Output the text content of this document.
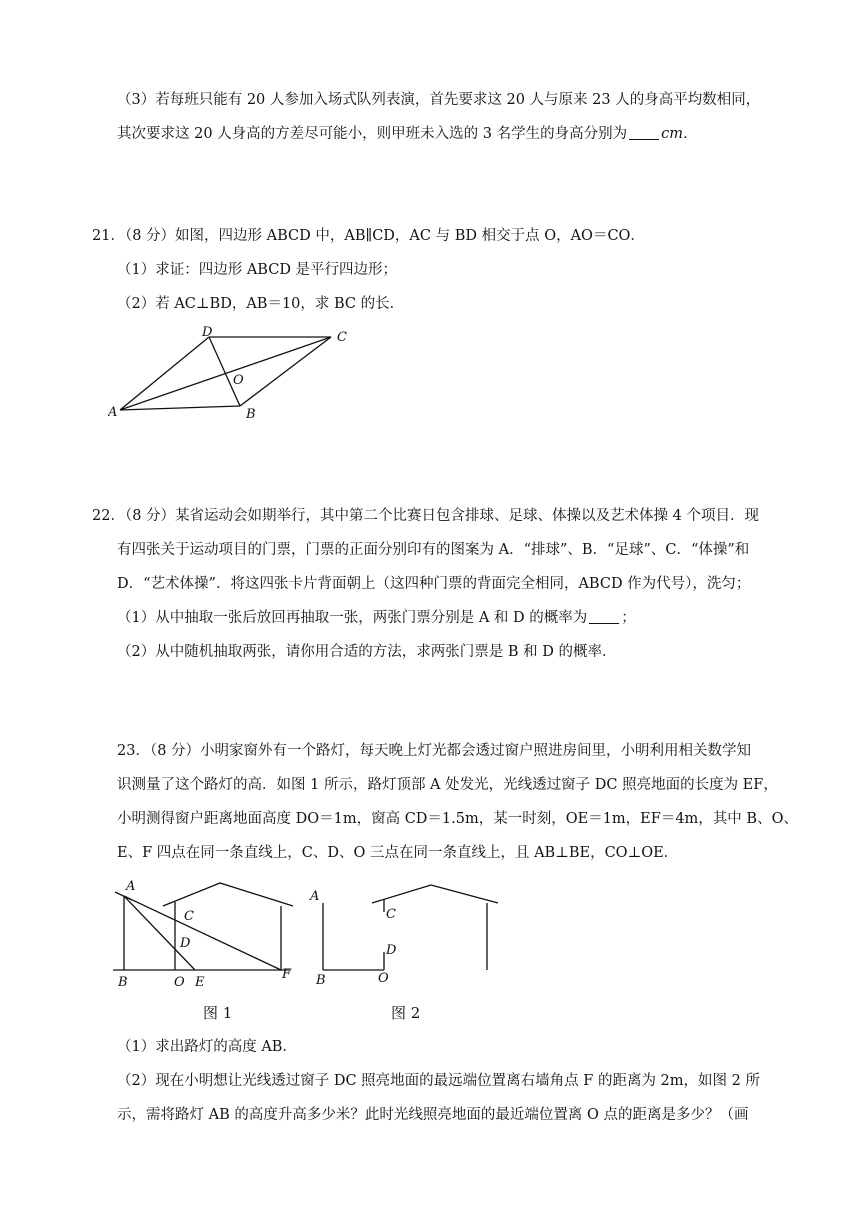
（3）若每班只能有 20 人参加入场式队列表演，首先要求这 20 人与原来 23 人的身高平均数相同，
其次要求这 20 人身高的方差尽可能小，则甲班未入选的 3 名学生的身高分别为 cm．
21．（8 分）如图，四边形 ABCD 中，AB∥CD，AC 与 BD 相交于点 O，AO＝CO．
（1）求证：四边形 ABCD 是平行四边形；
（2）若 AC⊥BD，AB＝10，求 BC 的长．
A	B
C
D
O
22．（8 分）某省运动会如期举行，其中第二个比赛日包含排球、足球、体操以及艺术体操 4 个项目．现
有四张关于运动项目的门票，门票的正面分别印有的图案为 A．“排球”、B．“足球”、C．“体操”和
D．“艺术体操”．将这四张卡片背面朝上（这四种门票的背面完全相同，ABCD 作为代号），洗匀；
（1）从中抽取一张后放回再抽取一张，两张门票分别是 A 和 D 的概率为 ；
（2）从中随机抽取两张，请你用合适的方法，求两张门票是 B 和 D 的概率．
23．（8 分）小明家窗外有一个路灯，每天晚上灯光都会透过窗户照进房间里，小明利用相关数学知
识测量了这个路灯的高．如图 1 所示，路灯顶部 A 处发光，光线透过窗子 DC 照亮地面的长度为 EF，
小明测得窗户距离地面高度 DO＝1m，窗高 CD＝1.5m，某一时刻，OE＝1m，EF＝4m，其中 B、O、
E、F 四点在同一条直线上，C、D、O 三点在同一条直线上，且 AB⊥BE，CO⊥OE．
A
B
C
D
O E
F
图 1
A
B
C
D
O
图 2
（1）求出路灯的高度 AB．
（2）现在小明想让光线透过窗子 DC 照亮地面的最远端位置离右墙角点 F 的距离为 2m，如图 2 所
示，需将路灯 AB 的高度升高多少米？此时光线照亮地面的最近端位置离 O 点的距离是多少？（画
